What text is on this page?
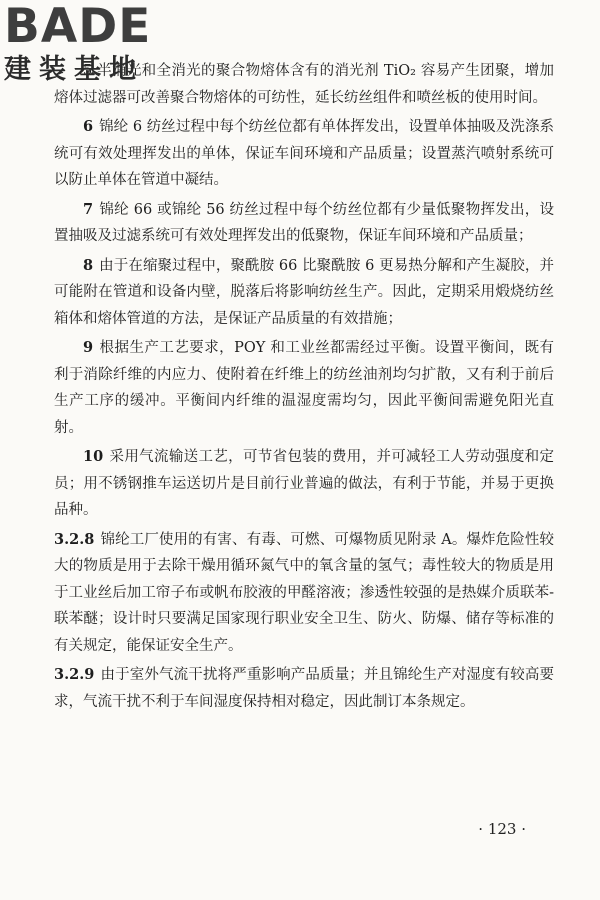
BADE
建装基地

5 半消光和全消光的聚合物熔体含有的消光剂 TiO₂ 容易产生团聚，增加熔体过滤器可改善聚合物熔体的可纺性，延长纺丝组件和喷丝板的使用时间。

6 锦纶 6 纺丝过程中每个纺丝位都有单体挥发出，设置单体抽吸及洗涤系统可有效处理挥发出的单体，保证车间环境和产品质量；设置蒸汽喷射系统可以防止单体在管道中凝结。

7 锦纶 66 或锦纶 56 纺丝过程中每个纺丝位都有少量低聚物挥发出，设置抽吸及过滤系统可有效处理挥发出的低聚物，保证车间环境和产品质量；

8 由于在缩聚过程中，聚酰胺 66 比聚酰胺 6 更易热分解和产生凝胶，并可能附在管道和设备内壁，脱落后将影响纺丝生产。因此，定期采用煅烧纺丝箱体和熔体管道的方法，是保证产品质量的有效措施；

9 根据生产工艺要求，POY 和工业丝都需经过平衡。设置平衡间，既有利于消除纤维的内应力、使附着在纤维上的纺丝油剂均匀扩散，又有利于前后生产工序的缓冲。平衡间内纤维的温湿度需均匀，因此平衡间需避免阳光直射。

10 采用气流输送工艺，可节省包装的费用，并可减轻工人劳动强度和定员；用不锈钢推车运送切片是目前行业普遍的做法，有利于节能，并易于更换品种。

3.2.8 锦纶工厂使用的有害、有毒、可燃、可爆物质见附录 A。爆炸危险性较大的物质是用于去除干燥用循环氮气中的氧含量的氢气；毒性较大的物质是用于工业丝后加工帘子布或帆布胶液的甲醛溶液；渗透性较强的是热媒介质联苯-联苯醚；设计时只要满足国家现行职业安全卫生、防火、防爆、储存等标准的有关规定，能保证安全生产。

3.2.9 由于室外气流干扰将严重影响产品质量；并且锦纶生产对湿度有较高要求，气流干扰不利于车间湿度保持相对稳定，因此制订本条规定。

· 123 ·
